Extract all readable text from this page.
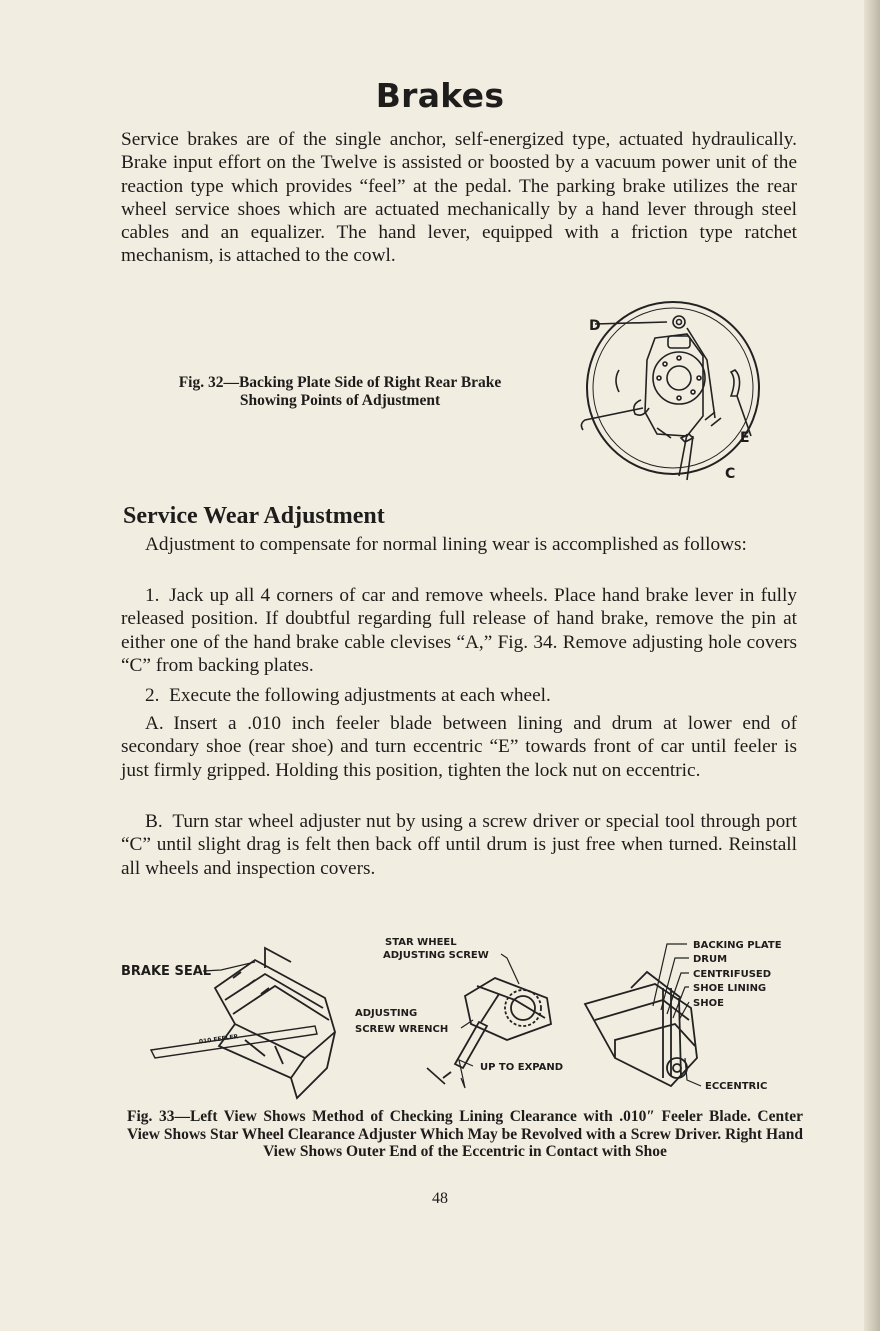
Brakes

Service brakes are of the single anchor, self-energized type, actuated hydraulically. Brake input effort on the Twelve is assisted or boosted by a vacuum power unit of the reaction type which provides “feel” at the pedal. The parking brake utilizes the rear wheel service shoes which are actuated mechanically by a hand lever through steel cables and an equalizer. The hand lever, equipped with a friction type ratchet mechanism, is attached to the cowl.

D
E
C

Fig. 32—Backing Plate Side of Right Rear Brake Showing Points of Adjustment

Service Wear Adjustment

Adjustment to compensate for normal lining wear is accomplished as follows:

1. Jack up all 4 corners of car and remove wheels. Place hand brake lever in fully released position. If doubtful regarding full release of hand brake, remove the pin at either one of the hand brake cable clevises “A,” Fig. 34. Remove adjusting hole covers “C” from backing plates.

2. Execute the following adjustments at each wheel.

A. Insert a .010 inch feeler blade between lining and drum at lower end of secondary shoe (rear shoe) and turn eccentric “E” towards front of car until feeler is just firmly gripped. Holding this position, tighten the lock nut on eccentric.

B. Turn star wheel adjuster nut by using a screw driver or special tool through port “C” until slight drag is felt then back off until drum is just free when turned. Reinstall all wheels and inspection covers.

BRAKE SEAL
.010 FEELER
STAR WHEEL
ADJUSTING SCREW
ADJUSTING
SCREW WRENCH
UP TO EXPAND
BACKING PLATE
DRUM
CENTRIFUSED
SHOE LINING
SHOE
ECCENTRIC

Fig. 33—Left View Shows Method of Checking Lining Clearance with .010″ Feeler Blade. Center View Shows Star Wheel Clearance Adjuster Which May be Revolved with a Screw Driver. Right Hand View Shows Outer End of the Eccentric in Contact with Shoe

48
